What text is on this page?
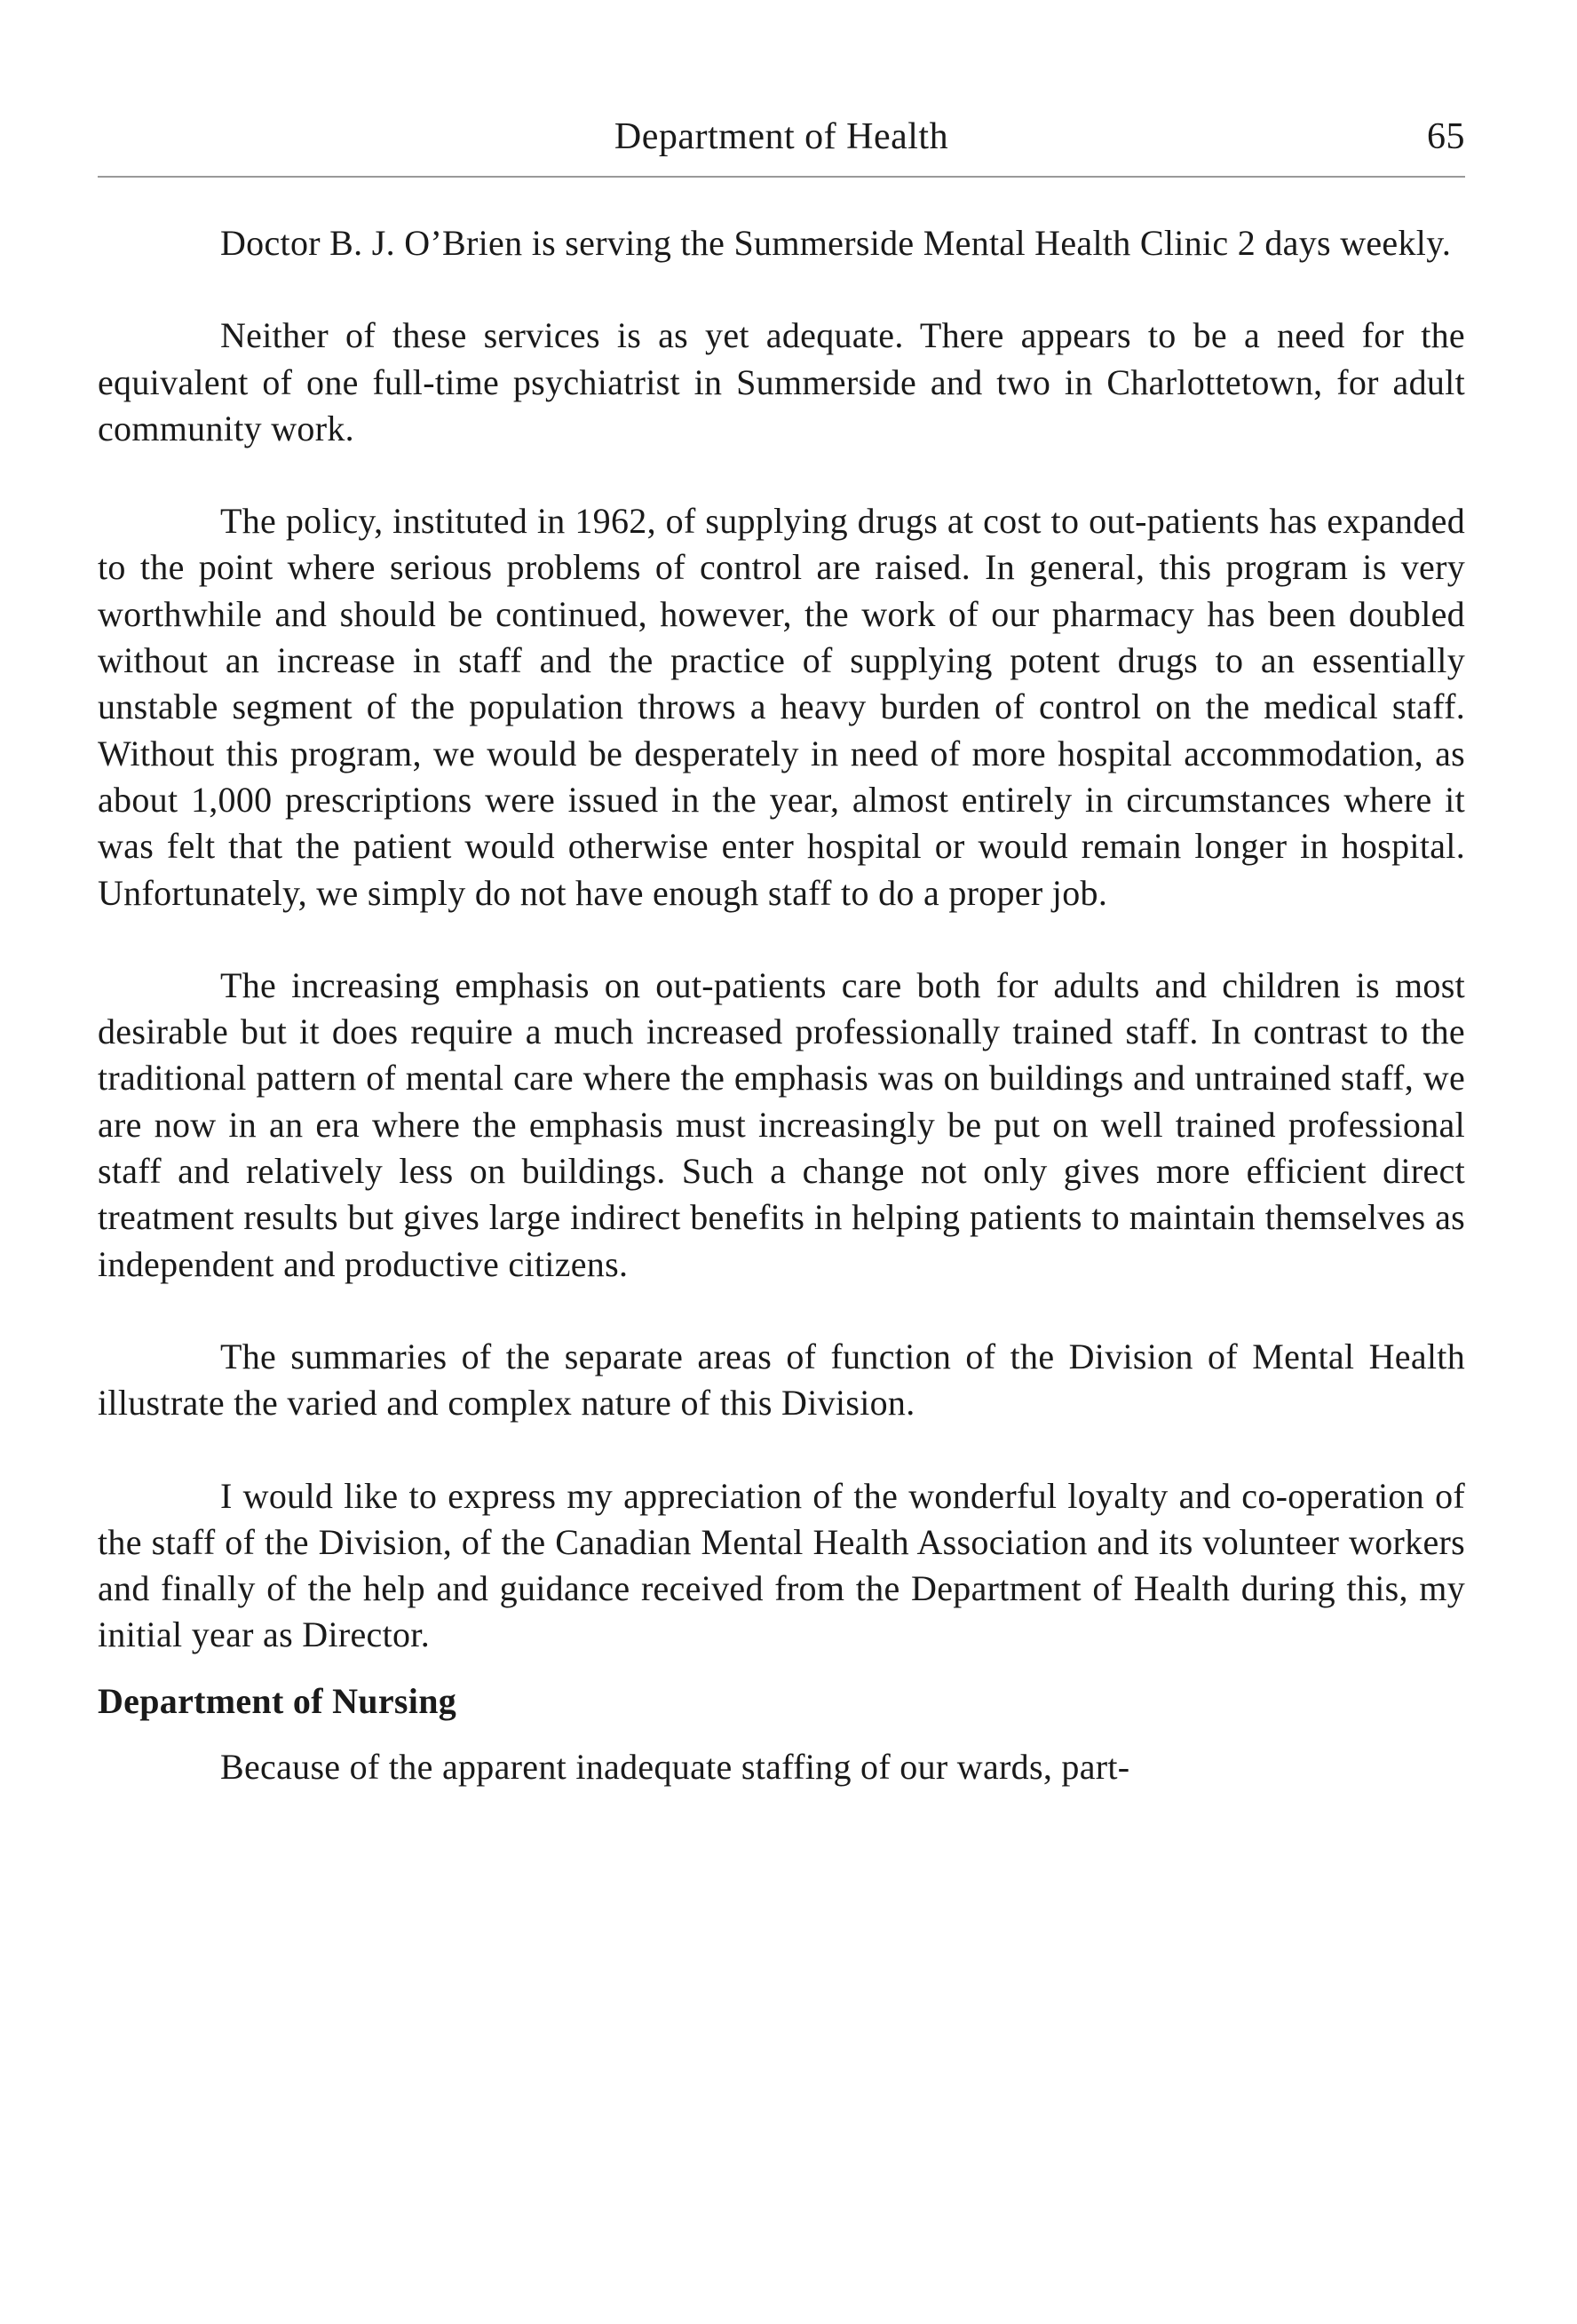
Department of Health	65

Doctor B. J. O’Brien is serving the Summerside Mental Health Clinic 2 days weekly.

Neither of these services is as yet adequate. There appears to be a need for the equivalent of one full-time psychiatrist in Summerside and two in Charlottetown, for adult community work.

The policy, instituted in 1962, of supplying drugs at cost to out-patients has expanded to the point where serious problems of control are raised. In general, this program is very worthwhile and should be continued, however, the work of our pharmacy has been doubled without an increase in staff and the practice of supplying potent drugs to an essentially unstable segment of the population throws a heavy burden of control on the medical staff. Without this program, we would be desperately in need of more hospital accommodation, as about 1,000 prescriptions were issued in the year, almost entirely in circumstances where it was felt that the patient would otherwise enter hospital or would remain longer in hospital. Unfortunately, we simply do not have enough staff to do a proper job.

The increasing emphasis on out-patients care both for adults and children is most desirable but it does require a much increased professionally trained staff. In contrast to the traditional pattern of mental care where the emphasis was on buildings and untrained staff, we are now in an era where the emphasis must increasingly be put on well trained professional staff and relatively less on buildings. Such a change not only gives more efficient direct treatment results but gives large indirect benefits in helping patients to maintain themselves as independent and productive citizens.

The summaries of the separate areas of function of the Division of Mental Health illustrate the varied and complex nature of this Division.

I would like to express my appreciation of the wonderful loyalty and co-operation of the staff of the Division, of the Canadian Mental Health Association and its volunteer workers and finally of the help and guidance received from the Department of Health during this, my initial year as Director.

Department of Nursing

Because of the apparent inadequate staffing of our wards, part-
